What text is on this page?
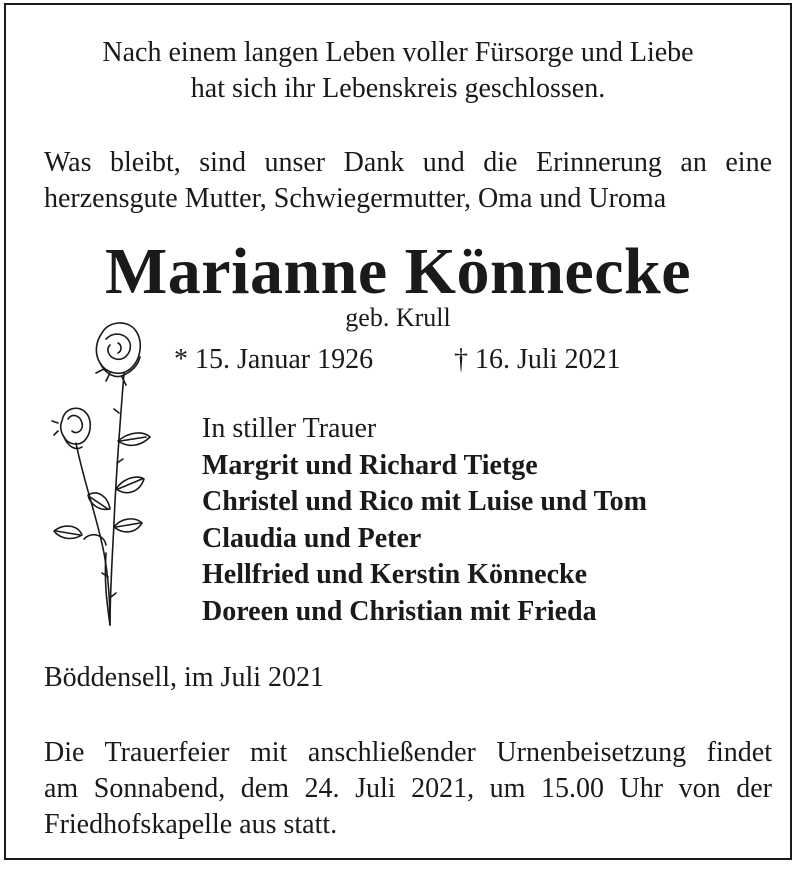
Nach einem langen Leben voller Fürsorge und Liebe
hat sich ihr Lebenskreis geschlossen.
Was bleibt, sind unser Dank und die Erinnerung an eine
herzensgute Mutter, Schwiegermutter, Oma und Uroma
Marianne Könnecke
geb. Krull
* 15. Januar 1926	† 16. Juli 2021
In stiller Trauer
Margrit und Richard Tietge
Christel und Rico mit Luise und Tom
Claudia und Peter
Hellfried und Kerstin Könnecke
Doreen und Christian mit Frieda
Böddensell, im Juli 2021
Die Trauerfeier mit anschließender Urnenbeisetzung findet
am Sonnabend, dem 24. Juli 2021, um 15.00 Uhr von der
Friedhofskapelle aus statt.
